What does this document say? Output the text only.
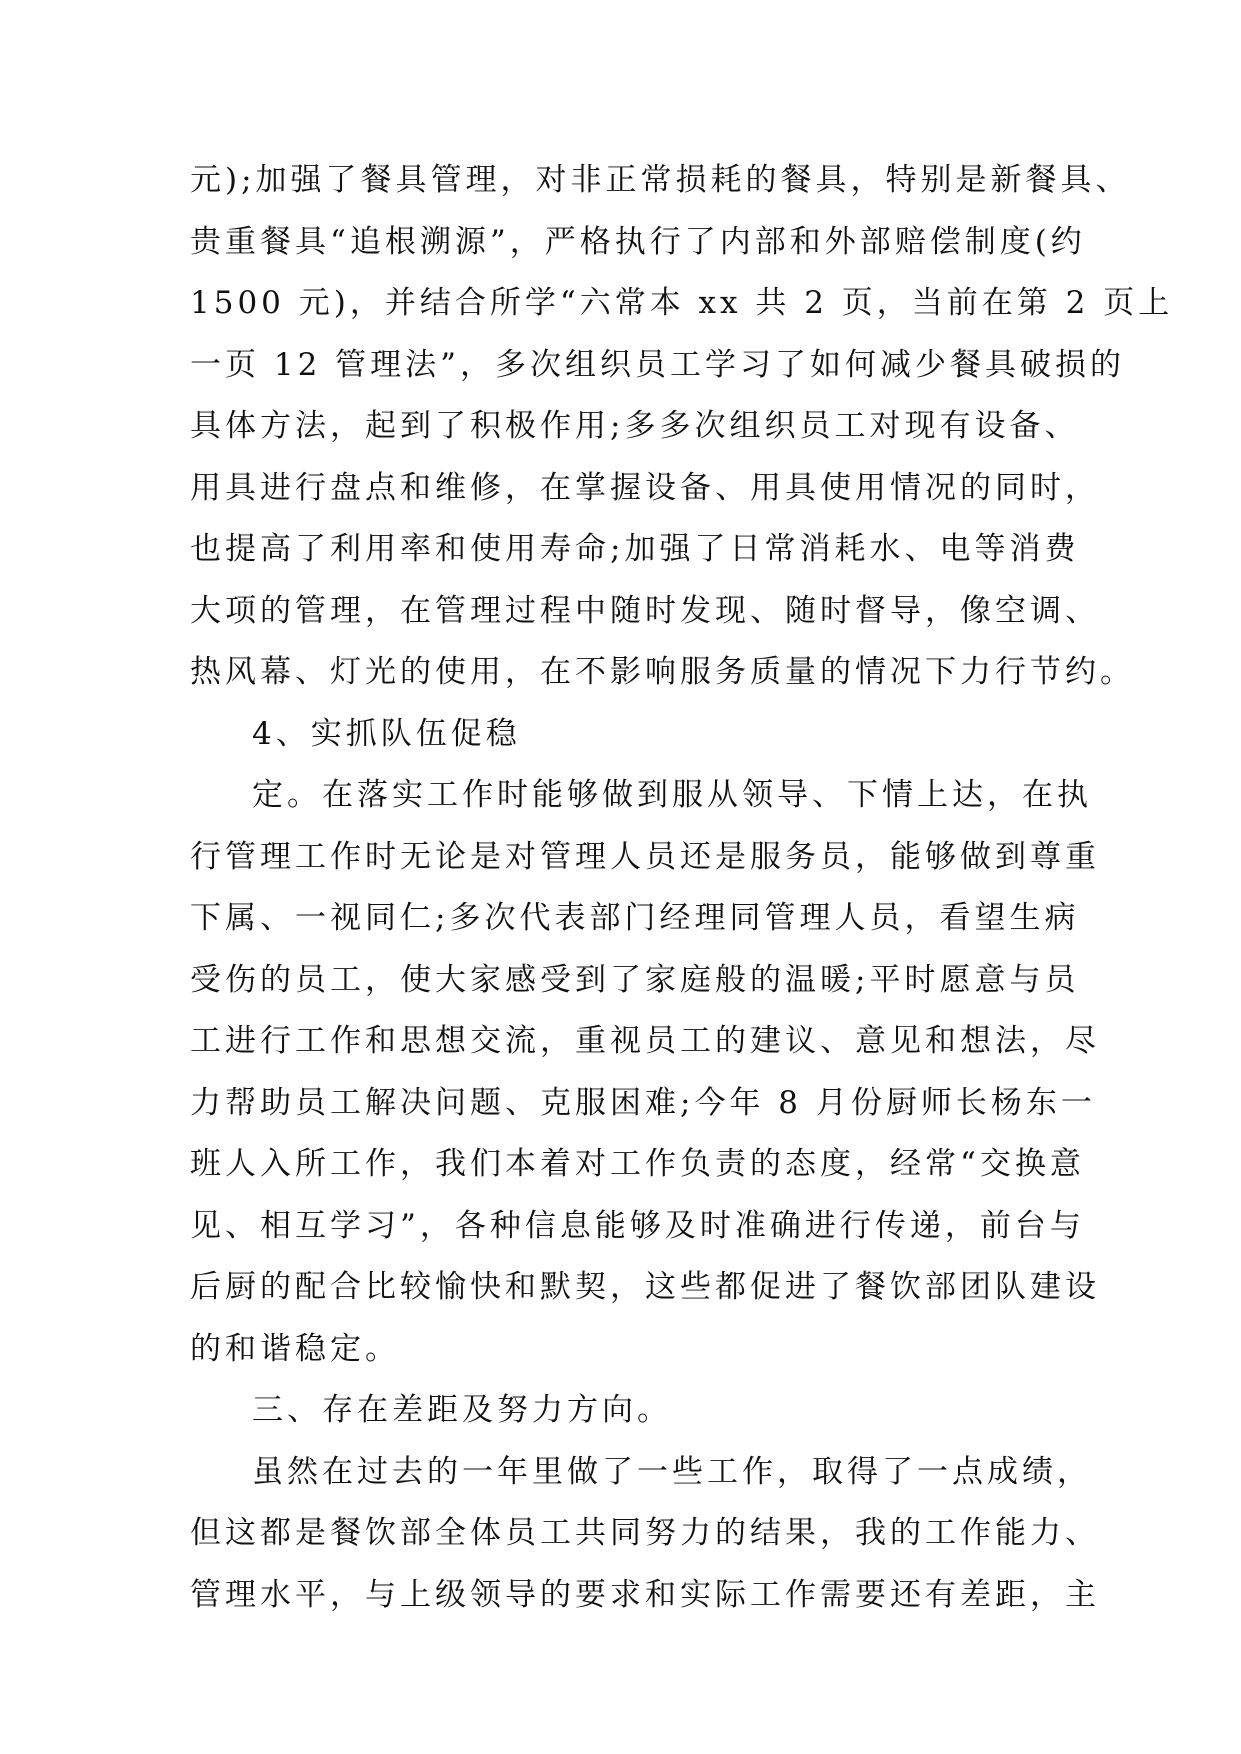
元);加强了餐具管理，对非正常损耗的餐具，特别是新餐具、
贵重餐具“追根溯源”，严格执行了内部和外部赔偿制度(约
1500 元)，并结合所学“六常本 xx 共 2 页，当前在第 2 页上
一页 12 管理法”，多次组织员工学习了如何减少餐具破损的
具体方法，起到了积极作用;多多次组织员工对现有设备、
用具进行盘点和维修，在掌握设备、用具使用情况的同时，
也提高了利用率和使用寿命;加强了日常消耗水、电等消费
大项的管理，在管理过程中随时发现、随时督导，像空调、
热风幕、灯光的使用，在不影响服务质量的情况下力行节约。
4、实抓队伍促稳
定。在落实工作时能够做到服从领导、下情上达，在执
行管理工作时无论是对管理人员还是服务员，能够做到尊重
下属、一视同仁;多次代表部门经理同管理人员，看望生病
受伤的员工，使大家感受到了家庭般的温暖;平时愿意与员
工进行工作和思想交流，重视员工的建议、意见和想法，尽
力帮助员工解决问题、克服困难;今年 8 月份厨师长杨东一
班人入所工作，我们本着对工作负责的态度，经常“交换意
见、相互学习”，各种信息能够及时准确进行传递，前台与
后厨的配合比较愉快和默契，这些都促进了餐饮部团队建设
的和谐稳定。
三、存在差距及努力方向。
虽然在过去的一年里做了一些工作，取得了一点成绩，
但这都是餐饮部全体员工共同努力的结果，我的工作能力、
管理水平，与上级领导的要求和实际工作需要还有差距，主
